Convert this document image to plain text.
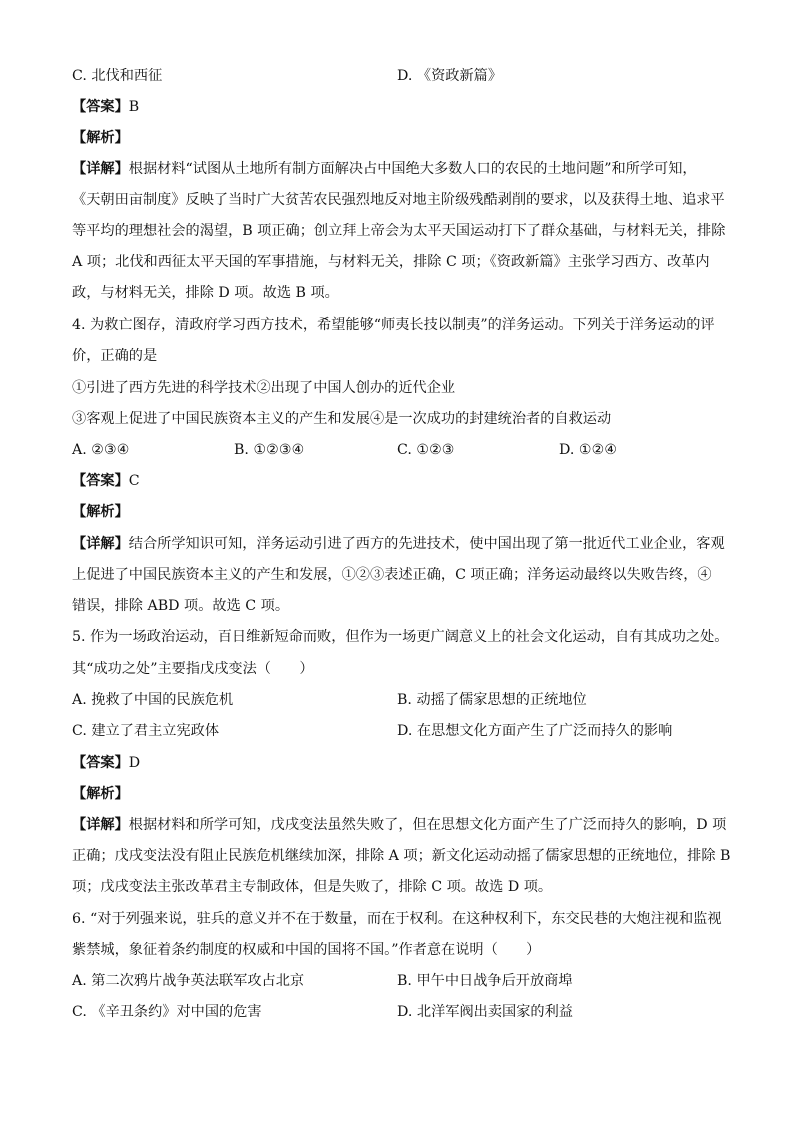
C. 北伐和西征	D. 《资政新篇》
【答案】B
【解析】
【详解】根据材料“试图从土地所有制方面解决占中国绝大多数人口的农民的土地问题”和所学可知，
《天朝田亩制度》反映了当时广大贫苦农民强烈地反对地主阶级残酷剥削的要求，以及获得土地、追求平
等平均的理想社会的渴望，B 项正确；创立拜上帝会为太平天国运动打下了群众基础，与材料无关，排除
A 项；北伐和西征太平天国的军事措施，与材料无关，排除 C 项；《资政新篇》主张学习西方、改革内
政，与材料无关，排除 D 项。故选 B 项。
4. 为救亡图存，清政府学习西方技术，希望能够“师夷长技以制夷”的洋务运动。下列关于洋务运动的评
价，正确的是
①引进了西方先进的科学技术②出现了中国人创办的近代企业
③客观上促进了中国民族资本主义的产生和发展④是一次成功的封建统治者的自救运动
A. ②③④	B. ①②③④	C. ①②③	D. ①②④
【答案】C
【解析】
【详解】结合所学知识可知，洋务运动引进了西方的先进技术，使中国出现了第一批近代工业企业，客观
上促进了中国民族资本主义的产生和发展，①②③表述正确，C 项正确；洋务运动最终以失败告终，④
错误，排除 ABD 项。故选 C 项。
5. 作为一场政治运动，百日维新短命而败，但作为一场更广阔意义上的社会文化运动，自有其成功之处。
其“成功之处”主要指戊戌变法（　　）
A. 挽救了中国的民族危机	B. 动摇了儒家思想的正统地位
C. 建立了君主立宪政体	D. 在思想文化方面产生了广泛而持久的影响
【答案】D
【解析】
【详解】根据材料和所学可知，戊戌变法虽然失败了，但在思想文化方面产生了广泛而持久的影响，D 项
正确；戊戌变法没有阻止民族危机继续加深，排除 A 项；新文化运动动摇了儒家思想的正统地位，排除 B
项；戊戌变法主张改革君主专制政体，但是失败了，排除 C 项。故选 D 项。
6. “对于列强来说，驻兵的意义并不在于数量，而在于权利。在这种权利下，东交民巷的大炮注视和监视
紫禁城，象征着条约制度的权威和中国的国将不国。”作者意在说明（　　）
A. 第二次鸦片战争英法联军攻占北京	B. 甲午中日战争后开放商埠
C. 《辛丑条约》对中国的危害	D. 北洋军阀出卖国家的利益
